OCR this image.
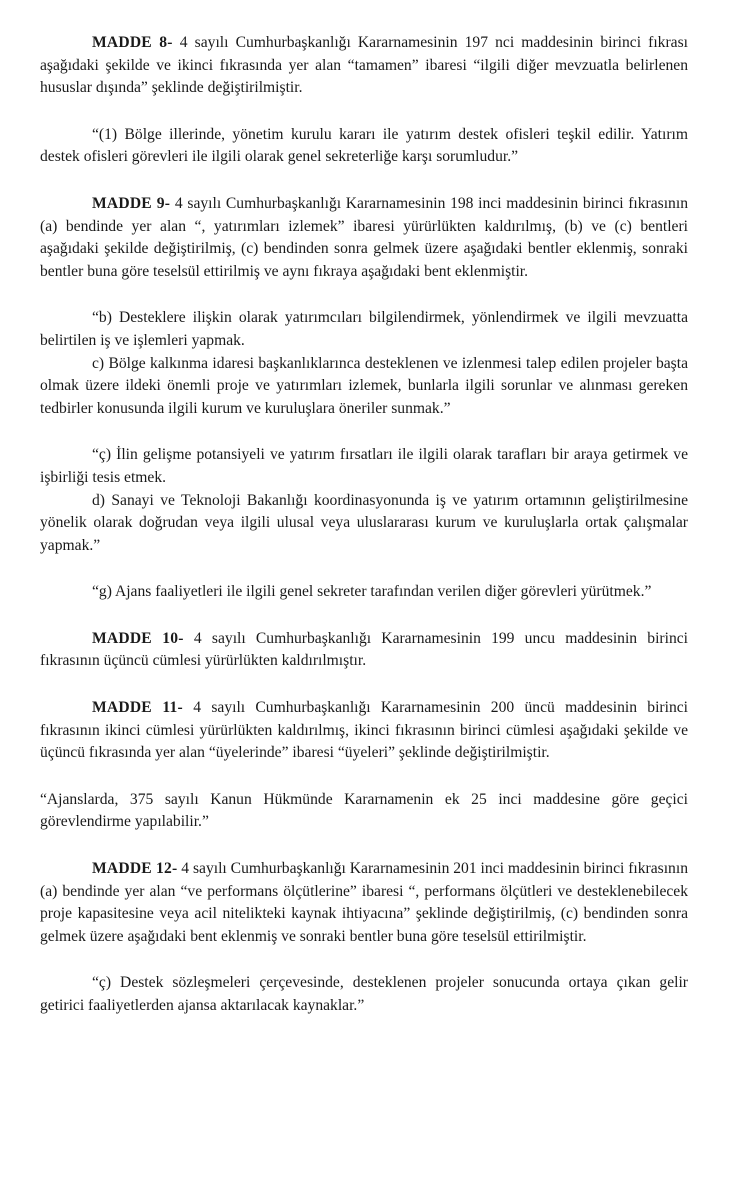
MADDE 8- 4 sayılı Cumhurbaşkanlığı Kararnamesinin 197 nci maddesinin birinci fıkrası aşağıdaki şekilde ve ikinci fıkrasında yer alan “tamamen” ibaresi “ilgili diğer mevzuatla belirlenen hususlar dışında” şeklinde değiştirilmiştir.

“(1) Bölge illerinde, yönetim kurulu kararı ile yatırım destek ofisleri teşkil edilir. Yatırım destek ofisleri görevleri ile ilgili olarak genel sekreterliğe karşı sorumludur.”

MADDE 9- 4 sayılı Cumhurbaşkanlığı Kararnamesinin 198 inci maddesinin birinci fıkrasının (a) bendinde yer alan “, yatırımları izlemek” ibaresi yürürlükten kaldırılmış, (b) ve (c) bentleri aşağıdaki şekilde değiştirilmiş, (c) bendinden sonra gelmek üzere aşağıdaki bentler eklenmiş, sonraki bentler buna göre teselsül ettirilmiş ve aynı fıkraya aşağıdaki bent eklenmiştir.

“b) Desteklere ilişkin olarak yatırımcıları bilgilendirmek, yönlendirmek ve ilgili mevzuatta belirtilen iş ve işlemleri yapmak.

c) Bölge kalkınma idaresi başkanlıklarınca desteklenen ve izlenmesi talep edilen projeler başta olmak üzere ildeki önemli proje ve yatırımları izlemek, bunlarla ilgili sorunlar ve alınması gereken tedbirler konusunda ilgili kurum ve kuruluşlara öneriler sunmak.”

“ç) İlin gelişme potansiyeli ve yatırım fırsatları ile ilgili olarak tarafları bir araya getirmek ve işbirliği tesis etmek.

d) Sanayi ve Teknoloji Bakanlığı koordinasyonunda iş ve yatırım ortamının geliştirilmesine yönelik olarak doğrudan veya ilgili ulusal veya uluslararası kurum ve kuruluşlarla ortak çalışmalar yapmak.”

“g) Ajans faaliyetleri ile ilgili genel sekreter tarafından verilen diğer görevleri yürütmek.”

MADDE 10- 4 sayılı Cumhurbaşkanlığı Kararnamesinin 199 uncu maddesinin birinci fıkrasının üçüncü cümlesi yürürlükten kaldırılmıştır.

MADDE 11- 4 sayılı Cumhurbaşkanlığı Kararnamesinin 200 üncü maddesinin birinci fıkrasının ikinci cümlesi yürürlükten kaldırılmış, ikinci fıkrasının birinci cümlesi aşağıdaki şekilde ve üçüncü fıkrasında yer alan “üyelerinde” ibaresi “üyeleri” şeklinde değiştirilmiştir.

“Ajanslarda, 375 sayılı Kanun Hükmünde Kararnamenin ek 25 inci maddesine göre geçici görevlendirme yapılabilir.”

MADDE 12- 4 sayılı Cumhurbaşkanlığı Kararnamesinin 201 inci maddesinin birinci fıkrasının (a) bendinde yer alan “ve performans ölçütlerine” ibaresi “, performans ölçütleri ve desteklenebilecek proje kapasitesine veya acil nitelikteki kaynak ihtiyacına” şeklinde değiştirilmiş, (c) bendinden sonra gelmek üzere aşağıdaki bent eklenmiş ve sonraki bentler buna göre teselsül ettirilmiştir.

“ç) Destek sözleşmeleri çerçevesinde, desteklenen projeler sonucunda ortaya çıkan gelir getirici faaliyetlerden ajansa aktarılacak kaynaklar.”
